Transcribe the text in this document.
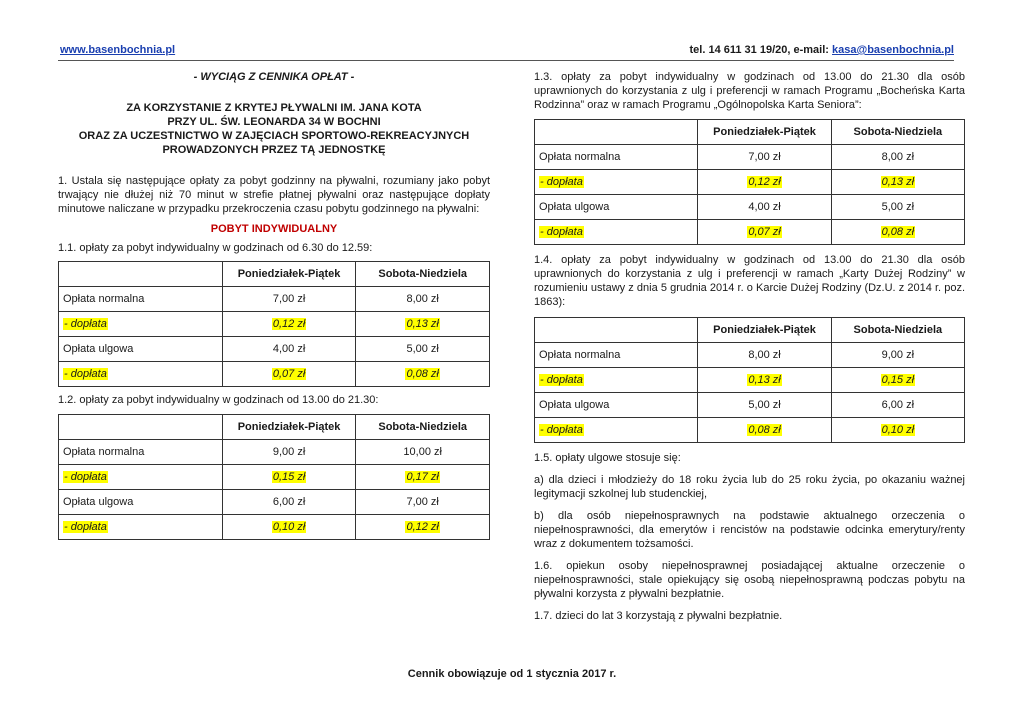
www.basenbochnia.pl	tel. 14 611 31 19/20, e-mail: kasa@basenbochnia.pl
- WYCIĄG Z CENNIKA OPŁAT -
ZA KORZYSTANIE Z KRYTEJ PŁYWALNI IM. JANA KOTA
PRZY UL. ŚW. LEONARDA 34 W BOCHNI
ORAZ ZA UCZESTNICTWO W ZAJĘCIACH SPORTOWO-REKREACYJNYCH
PROWADZONYCH PRZEZ TĄ JEDNOSTKĘ

1. Ustala się następujące opłaty za pobyt godzinny na pływalni, rozumiany jako pobyt trwający nie dłużej niż 70 minut w strefie płatnej pływalni oraz następujące dopłaty minutowe naliczane w przypadku przekroczenia czasu pobytu godzinnego na pływalni:

POBYT INDYWIDUALNY

1.1. opłaty za pobyt indywidualny w godzinach od 6.30 do 12.59:

	Poniedziałek-Piątek	Sobota-Niedziela
Opłata normalna	7,00 zł	8,00 zł
- dopłata	0,12 zł	0,13 zł
Opłata ulgowa	4,00 zł	5,00 zł
- dopłata	0,07 zł	0,08 zł

1.2. opłaty za pobyt indywidualny w godzinach od 13.00 do 21.30:

	Poniedziałek-Piątek	Sobota-Niedziela
Opłata normalna	9,00 zł	10,00 zł
- dopłata	0,15 zł	0,17 zł
Opłata ulgowa	6,00 zł	7,00 zł
- dopłata	0,10 zł	0,12 zł

1.3. opłaty za pobyt indywidualny w godzinach od 13.00 do 21.30 dla osób uprawnionych do korzystania z ulg i preferencji w ramach Programu „Bocheńska Karta Rodzinna” oraz w ramach Programu „Ogólnopolska Karta Seniora”:

	Poniedziałek-Piątek	Sobota-Niedziela
Opłata normalna	7,00 zł	8,00 zł
- dopłata	0,12 zł	0,13 zł
Opłata ulgowa	4,00 zł	5,00 zł
- dopłata	0,07 zł	0,08 zł

1.4. opłaty za pobyt indywidualny w godzinach od 13.00 do 21.30 dla osób uprawnionych do korzystania z ulg i preferencji w ramach „Karty Dużej Rodziny” w rozumieniu ustawy z dnia 5 grudnia 2014 r. o Karcie Dużej Rodziny (Dz.U. z 2014 r. poz. 1863):

	Poniedziałek-Piątek	Sobota-Niedziela
Opłata normalna	8,00 zł	9,00 zł
- dopłata	0,13 zł	0,15 zł
Opłata ulgowa	5,00 zł	6,00 zł
- dopłata	0,08 zł	0,10 zł

1.5. opłaty ulgowe stosuje się:

a) dla dzieci i młodzieży do 18 roku życia lub do 25 roku życia, po okazaniu ważnej legitymacji szkolnej lub studenckiej,

b) dla osób niepełnosprawnych na podstawie aktualnego orzeczenia o niepełnosprawności, dla emerytów i rencistów na podstawie odcinka emerytury/renty wraz z dokumentem tożsamości.

1.6. opiekun osoby niepełnosprawnej posiadającej aktualne orzeczenie o niepełnosprawności, stale opiekujący się osobą niepełnosprawną podczas pobytu na pływalni korzysta z pływalni bezpłatnie.

1.7. dzieci do lat 3 korzystają z pływalni bezpłatnie.

Cennik obowiązuje od 1 stycznia 2017 r.
